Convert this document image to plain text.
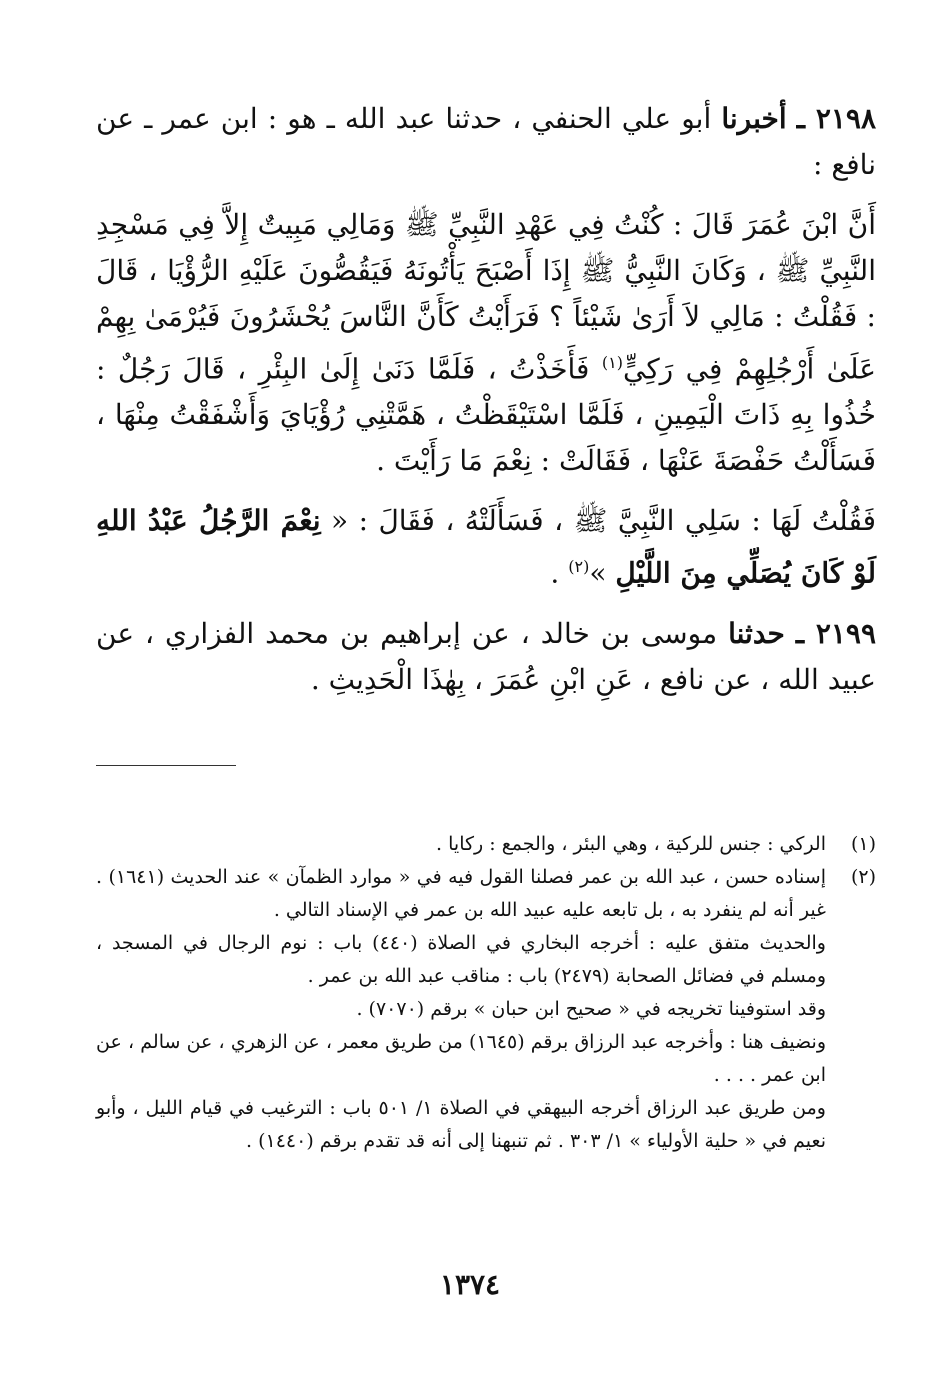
٢١٩٨ ـ أخبرنا أبو علي الحنفي ، حدثنا عبد الله ـ هو : ابن عمر ـ عن نافع :

أَنَّ ابْنَ عُمَرَ قَالَ : كُنْتُ فِي عَهْدِ النَّبِيِّ ﷺ وَمَالِي مَبِيتٌ إِلاَّ فِي مَسْجِدِ النَّبِيِّ ﷺ ، وَكَانَ النَّبِيُّ ﷺ إِذَا أَصْبَحَ يَأْتُونَهُ فَيَقُصُّونَ عَلَيْهِ الرُّؤْيَا ، قَالَ : فَقُلْتُ : مَالِي لاَ أَرَىٰ شَيْئاً ؟ فَرَأَيْتُ كَأَنَّ النَّاسَ يُحْشَرُونَ فَيُرْمَىٰ بِهِمْ عَلَىٰ أَرْجُلِهِمْ فِي رَكِيٍّ$^{(١)}$ فَأَخَذْتُ ، فَلَمَّا دَنَىٰ إِلَىٰ البِئْرِ ، قَالَ رَجُلٌ : خُذُوا بِهِ ذَاتَ الْيَمِينِ ، فَلَمَّا اسْتَيْقَظْتُ ، هَمَّتْنِي رُؤْيَايَ وَأَشْفَقْتُ مِنْهَا ، فَسَأَلْتُ حَفْصَةَ عَنْهَا ، فَقَالَتْ : نِعْمَ مَا رَأَيْتَ .

فَقُلْتُ لَهَا : سَلِي النَّبِيَّ ﷺ ، فَسَأَلَتْهُ ، فَقَالَ : « نِعْمَ الرَّجُلُ عَبْدُ اللهِ لَوْ كَانَ يُصَلِّي مِنَ اللَّيْلِ »$^{(٢)}$ .

٢١٩٩ ـ حدثنا موسى بن خالد ، عن إبراهيم بن محمد الفزاري ، عن عبيد الله ، عن نافع ، عَنِ ابْنِ عُمَرَ ، بِهٰذَا الْحَدِيثِ .

(١)

الركي : جنس للركية ، وهي البئر ، والجمع : ركايا .

(٢)

إسناده حسن ، عبد الله بن عمر فصلنا القول فيه في « موارد الظمآن » عند الحديث (١٦٤١) . غير أنه لم ينفرد به ، بل تابعه عليه عبيد الله بن عمر في الإسناد التالي .

والحديث متفق عليه : أخرجه البخاري في الصلاة (٤٤٠) باب : نوم الرجال في المسجد ، ومسلم في فضائل الصحابة (٢٤٧٩) باب : مناقب عبد الله بن عمر .

وقد استوفينا تخريجه في « صحيح ابن حبان » برقم (٧٠٧٠) .

ونضيف هنا : وأخرجه عبد الرزاق برقم (١٦٤٥) من طريق معمر ، عن الزهري ، عن سالم ، عن ابن عمر . . . .

ومن طريق عبد الرزاق أخرجه البيهقي في الصلاة ١/ ٥٠١ باب : الترغيب في قيام الليل ، وأبو نعيم في « حلية الأولياء » ١/ ٣٠٣ . ثم تنبهنا إلى أنه قد تقدم برقم (١٤٤٠) .

١٣٧٤
